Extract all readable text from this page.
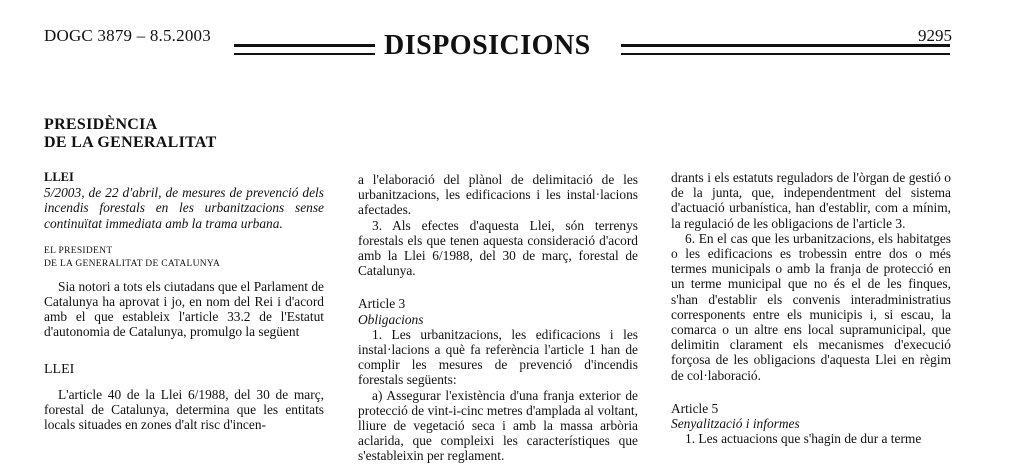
DOGC 3879 – 8.5.2003	DISPOSICIONS	9295
PRESIDÈNCIA
DE LA GENERALITAT

LLEI

5/2003, de 22 d'abril, de mesures de prevenció dels incendis forestals en les urbanitzacions sense continuïtat immediata amb la trama urbana.

EL PRESIDENT

DE LA GENERALITAT DE CATALUNYA

Sia notori a tots els ciutadans que el Parlament de Catalunya ha aprovat i jo, en nom del Rei i d'acord amb el que estableix l'article 33.2 de l'Estatut d'autonomia de Catalunya, promulgo la següent

LLEI

L'article 40 de la Llei 6/1988, del 30 de març, forestal de Catalunya, determina que les entitats locals situades en zones d'alt risc d'incen-

a l'elaboració del plànol de delimitació de les urbanitzacions, les edificacions i les instal·lacions afectades.

3. Als efectes d'aquesta Llei, són terrenys forestals els que tenen aquesta consideració d'acord amb la Llei 6/1988, del 30 de març, forestal de Catalunya.

Article 3

Obligacions

1. Les urbanitzacions, les edificacions i les instal·lacions a què fa referència l'article 1 han de complir les mesures de prevenció d'incendis forestals següents:

a) Assegurar l'existència d'una franja exterior de protecció de vint-i-cinc metres d'amplada al voltant, lliure de vegetació seca i amb la massa arbòria aclarida, que compleixi les característiques que s'estableixin per reglament.

drants i els estatuts reguladors de l'òrgan de gestió o de la junta, que, independentment del sistema d'actuació urbanística, han d'establir, com a mínim, la regulació de les obligacions de l'article 3.

6. En el cas que les urbanitzacions, els habitatges o les edificacions es trobessin entre dos o més termes municipals o amb la franja de protecció en un terme municipal que no és el de les finques, s'han d'establir els convenis interadministratius corresponents entre els municipis i, si escau, la comarca o un altre ens local supramunicipal, que delimitin clarament els mecanismes d'execució forçosa de les obligacions d'aquesta Llei en règim de col·laboració.

Article 5

Senyalització i informes

1. Les actuacions que s'hagin de dur a terme
